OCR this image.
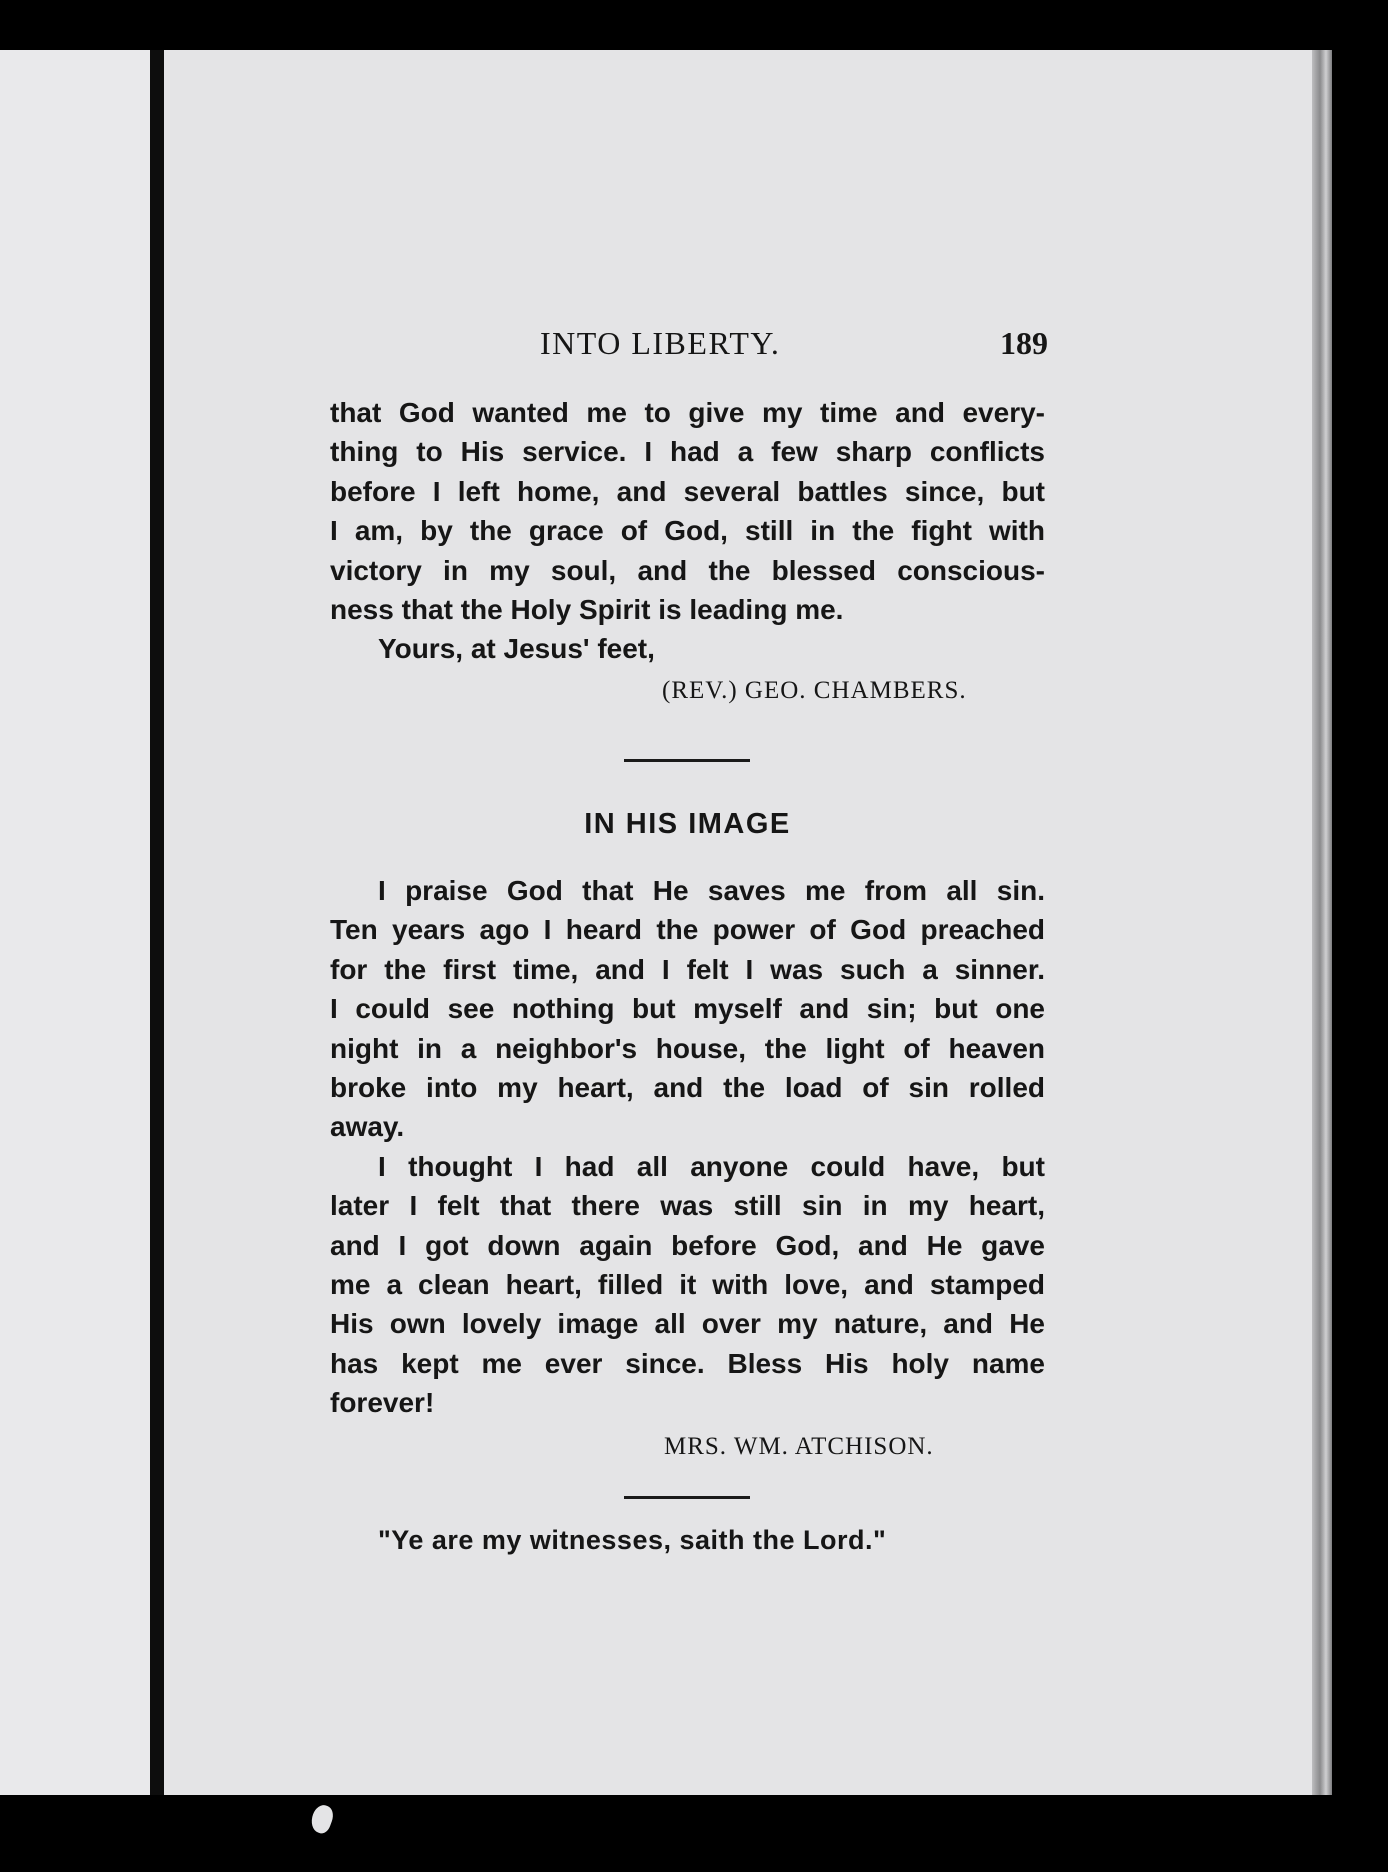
INTO LIBERTY.	189
that God wanted me to give my time and every-
thing to His service. I had a few sharp conflicts
before I left home, and several battles since, but
I am, by the grace of God, still in the fight with
victory in my soul, and the blessed conscious-
ness that the Holy Spirit is leading me.
Yours, at Jesus' feet,
(REV.) GEO. CHAMBERS.
IN HIS IMAGE
I praise God that He saves me from all sin.
Ten years ago I heard the power of God preached
for the first time, and I felt I was such a sinner.
I could see nothing but myself and sin; but one
night in a neighbor's house, the light of heaven
broke into my heart, and the load of sin rolled
away.
I thought I had all anyone could have, but
later I felt that there was still sin in my heart,
and I got down again before God, and He gave
me a clean heart, filled it with love, and stamped
His own lovely image all over my nature, and He
has kept me ever since. Bless His holy name
forever!
MRS. WM. ATCHISON.
"Ye are my witnesses, saith the Lord."
